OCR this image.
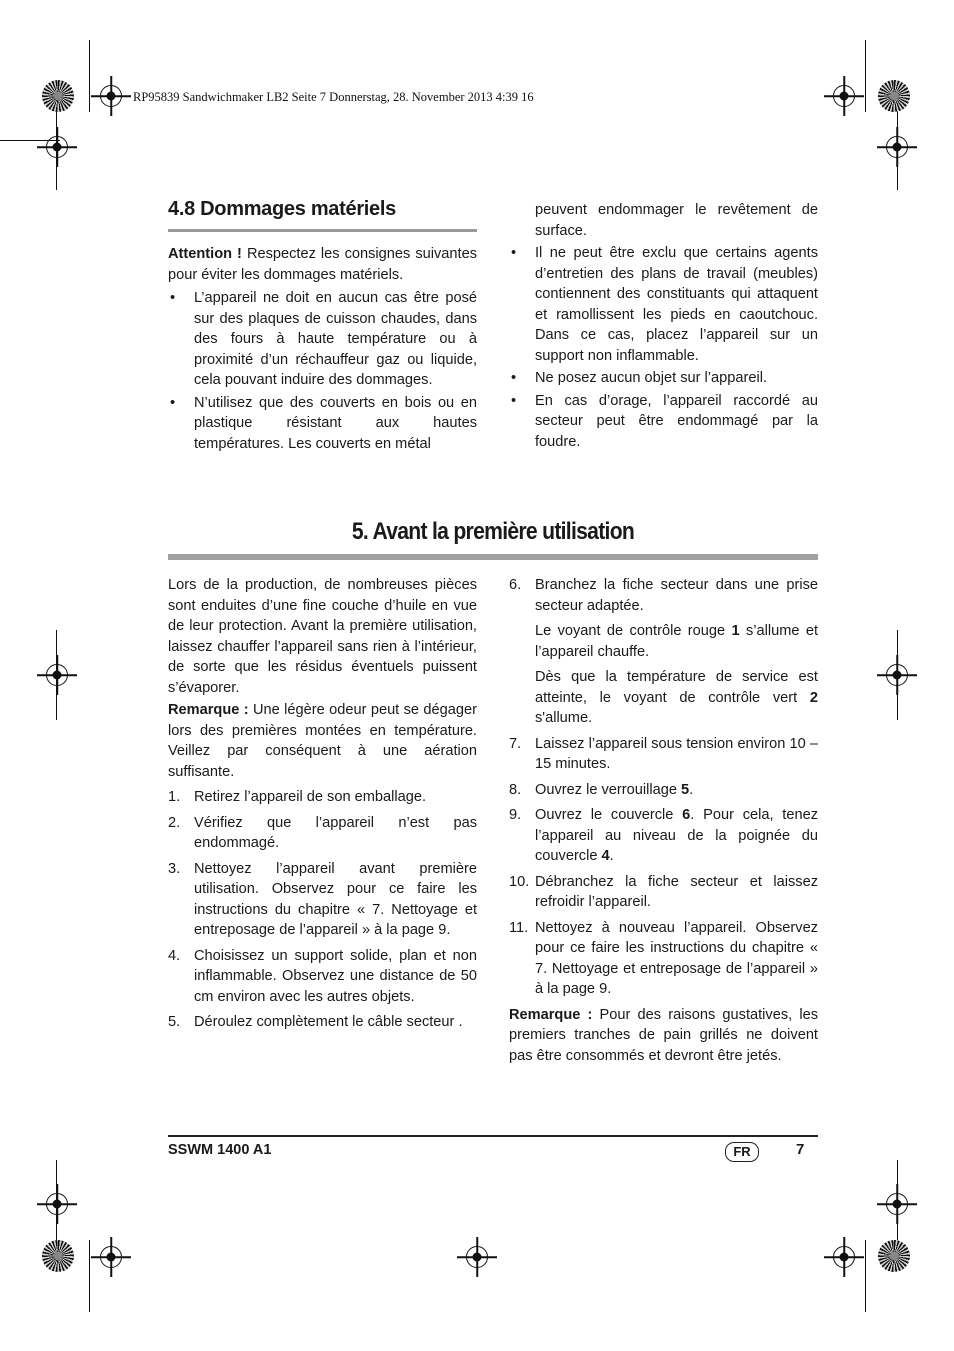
RP95839 Sandwichmaker LB2 Seite 7 Donnerstag, 28. November 2013 4:39 16
4.8 Dommages matériels

Attention ! Respectez les consignes suivantes pour éviter les dommages matériels.

• L’appareil ne doit en aucun cas être posé sur des plaques de cuisson chaudes, dans des fours à haute température ou à proximité d’un réchauffeur gaz ou liquide, cela pouvant induire des dommages.
• N’utilisez que des couverts en bois ou en plastique résistant aux hautes températures. Les couverts en métal

peuvent endommager le revêtement de surface.

• Il ne peut être exclu que certains agents d’entretien des plans de travail (meubles) contiennent des constituants qui attaquent et ramollissent les pieds en caoutchouc. Dans ce cas, placez l’appareil sur un support non inflammable.
• Ne posez aucun objet sur l’appareil.
• En cas d’orage, l’appareil raccordé au secteur peut être endommagé par la foudre.
5. Avant la première utilisation

Lors de la production, de nombreuses pièces sont enduites d’une fine couche d’huile en vue de leur protection. Avant la première utilisation, laissez chauffer l’appareil sans rien à l’intérieur, de sorte que les résidus éventuels puissent s’évaporer.

Remarque : Une légère odeur peut se dégager lors des premières montées en température. Veillez par conséquent à une aération suffisante.

1. Retirez l’appareil de son emballage.
2. Vérifiez que l’appareil n’est pas endommagé.
3. Nettoyez l’appareil avant première utilisation. Observez pour ce faire les instructions du chapitre « 7. Nettoyage et entreposage de l’appareil » à la page 9.
4. Choisissez un support solide, plan et non inflammable. Observez une distance de 50 cm environ avec les autres objets.
5. Déroulez complètement le câble secteur .
6. Branchez la fiche secteur dans une prise secteur adaptée.

Le voyant de contrôle rouge 1 s’allume et l’appareil chauffe.

Dès que la température de service est atteinte, le voyant de contrôle vert 2 s'allume.

7. Laissez l’appareil sous tension environ 10 – 15 minutes.
8. Ouvrez le verrouillage 5.
9. Ouvrez le couvercle 6. Pour cela, tenez l’appareil au niveau de la poignée du couvercle 4.
10. Débranchez la fiche secteur et laissez refroidir l’appareil.
11. Nettoyez à nouveau l’appareil. Observez pour ce faire les instructions du chapitre « 7. Nettoyage et entreposage de l’appareil » à la page 9.

Remarque : Pour des raisons gustatives, les premiers tranches de pain grillés ne doivent pas être consommés et devront être jetés.

SSWM 1400 A1	FR	7
